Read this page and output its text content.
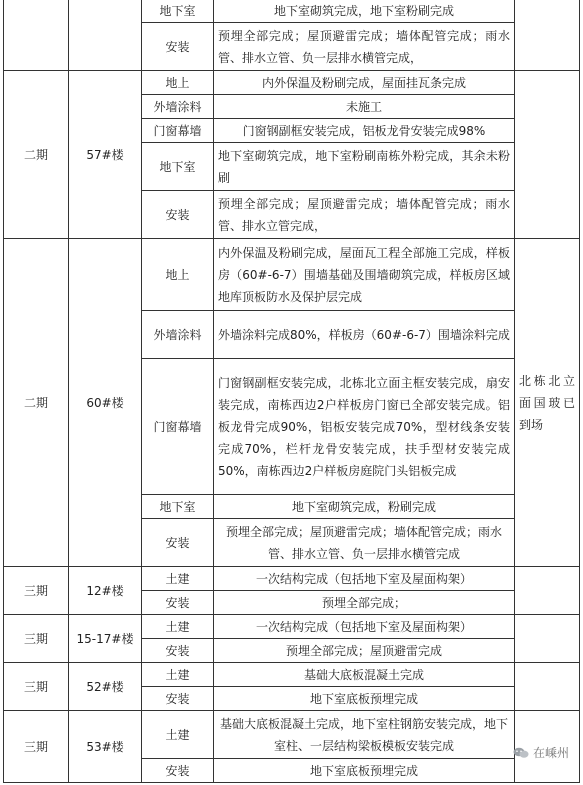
		地下室	地下室砌筑完成，地下室粉刷完成	
		安装	预埋全部完成；屋顶避雷完成；墙体配管完成；雨水管、排水立管、负一层排水横管完成，	
二期	57#楼	地上	内外保温及粉刷完成，屋面挂瓦条完成	
		外墙涂料	未施工	
		门窗幕墙	门窗钢副框安装完成，铝板龙骨安装完成98%	
		地下室	地下室砌筑完成，地下室粉刷南栋外粉完成，其余未粉刷	
		安装	预埋全部完成；屋顶避雷完成；墙体配管完成；雨水管、排水立管完成，	
二期	60#楼	地上	内外保温及粉刷完成，屋面瓦工程全部施工完成，样板房（60#-6-7）围墙基础及围墙砌筑完成，样板房区域地库顶板防水及保护层完成	北栋北立面国玻已到场
		外墙涂料	外墙涂料完成80%，样板房（60#-6-7）围墙涂料完成	
		门窗幕墙	门窗钢副框安装完成，北栋北立面主框安装完成，扇安装完成，南栋西边2户样板房门窗已全部安装完成。铝板龙骨完成90%，铝板安装完成70%，型材线条安装完成70%，栏杆龙骨安装完成，扶手型材安装完成50%，南栋西边2户样板房庭院门头铝板完成	
		地下室	地下室砌筑完成，粉刷完成	
		安装	预埋全部完成；屋顶避雷完成；墙体配管完成；雨水管、排水立管、负一层排水横管完成	
三期	12#楼	土建	一次结构完成（包括地下室及屋面构架）	
		安装	预埋全部完成；	
三期	15-17#楼	土建	一次结构完成（包括地下室及屋面构架）	
		安装	预埋全部完成；屋顶避雷完成	
三期	52#楼	土建	基础大底板混凝土完成	
		安装	地下室底板预埋完成	
三期	53#楼	土建	基础大底板混凝土完成，地下室柱钢筋安装完成，地下室柱、一层结构梁板模板安装完成	
		安装	地下室底板预埋完成	
在嵊州
